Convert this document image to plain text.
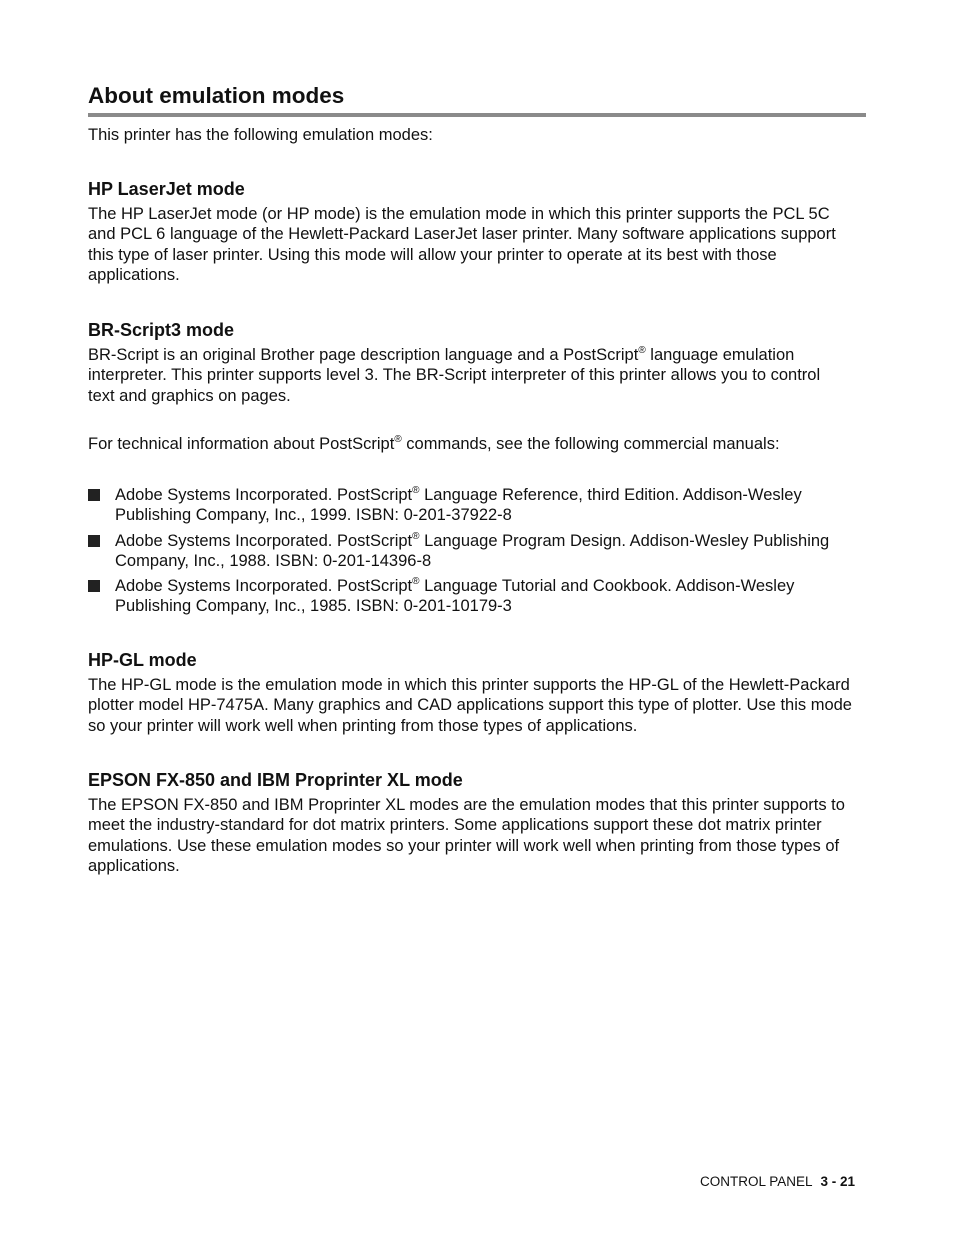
About emulation modes

This printer has the following emulation modes:

HP LaserJet mode

The HP LaserJet mode (or HP mode) is the emulation mode in which this printer supports the PCL 5C
and PCL 6 language of the Hewlett-Packard LaserJet laser printer. Many software applications support
this type of laser printer. Using this mode will allow your printer to operate at its best with those
applications.

BR-Script3 mode

BR-Script is an original Brother page description language and a PostScript® language emulation
interpreter. This printer supports level 3. The BR-Script interpreter of this printer allows you to control
text and graphics on pages.

For technical information about PostScript® commands, see the following commercial manuals:

Adobe Systems Incorporated. PostScript® Language Reference, third Edition. Addison-Wesley
Publishing Company, Inc., 1999. ISBN: 0-201-37922-8
Adobe Systems Incorporated. PostScript® Language Program Design. Addison-Wesley Publishing
Company, Inc., 1988. ISBN: 0-201-14396-8
Adobe Systems Incorporated. PostScript® Language Tutorial and Cookbook. Addison-Wesley
Publishing Company, Inc., 1985. ISBN: 0-201-10179-3
HP-GL mode

The HP-GL mode is the emulation mode in which this printer supports the HP-GL of the Hewlett-Packard
plotter model HP-7475A. Many graphics and CAD applications support this type of plotter. Use this mode
so your printer will work well when printing from those types of applications.

EPSON FX-850 and IBM Proprinter XL mode

The EPSON FX-850 and IBM Proprinter XL modes are the emulation modes that this printer supports to
meet the industry-standard for dot matrix printers. Some applications support these dot matrix printer
emulations. Use these emulation modes so your printer will work well when printing from those types of
applications.

CONTROL PANEL 3 - 21
